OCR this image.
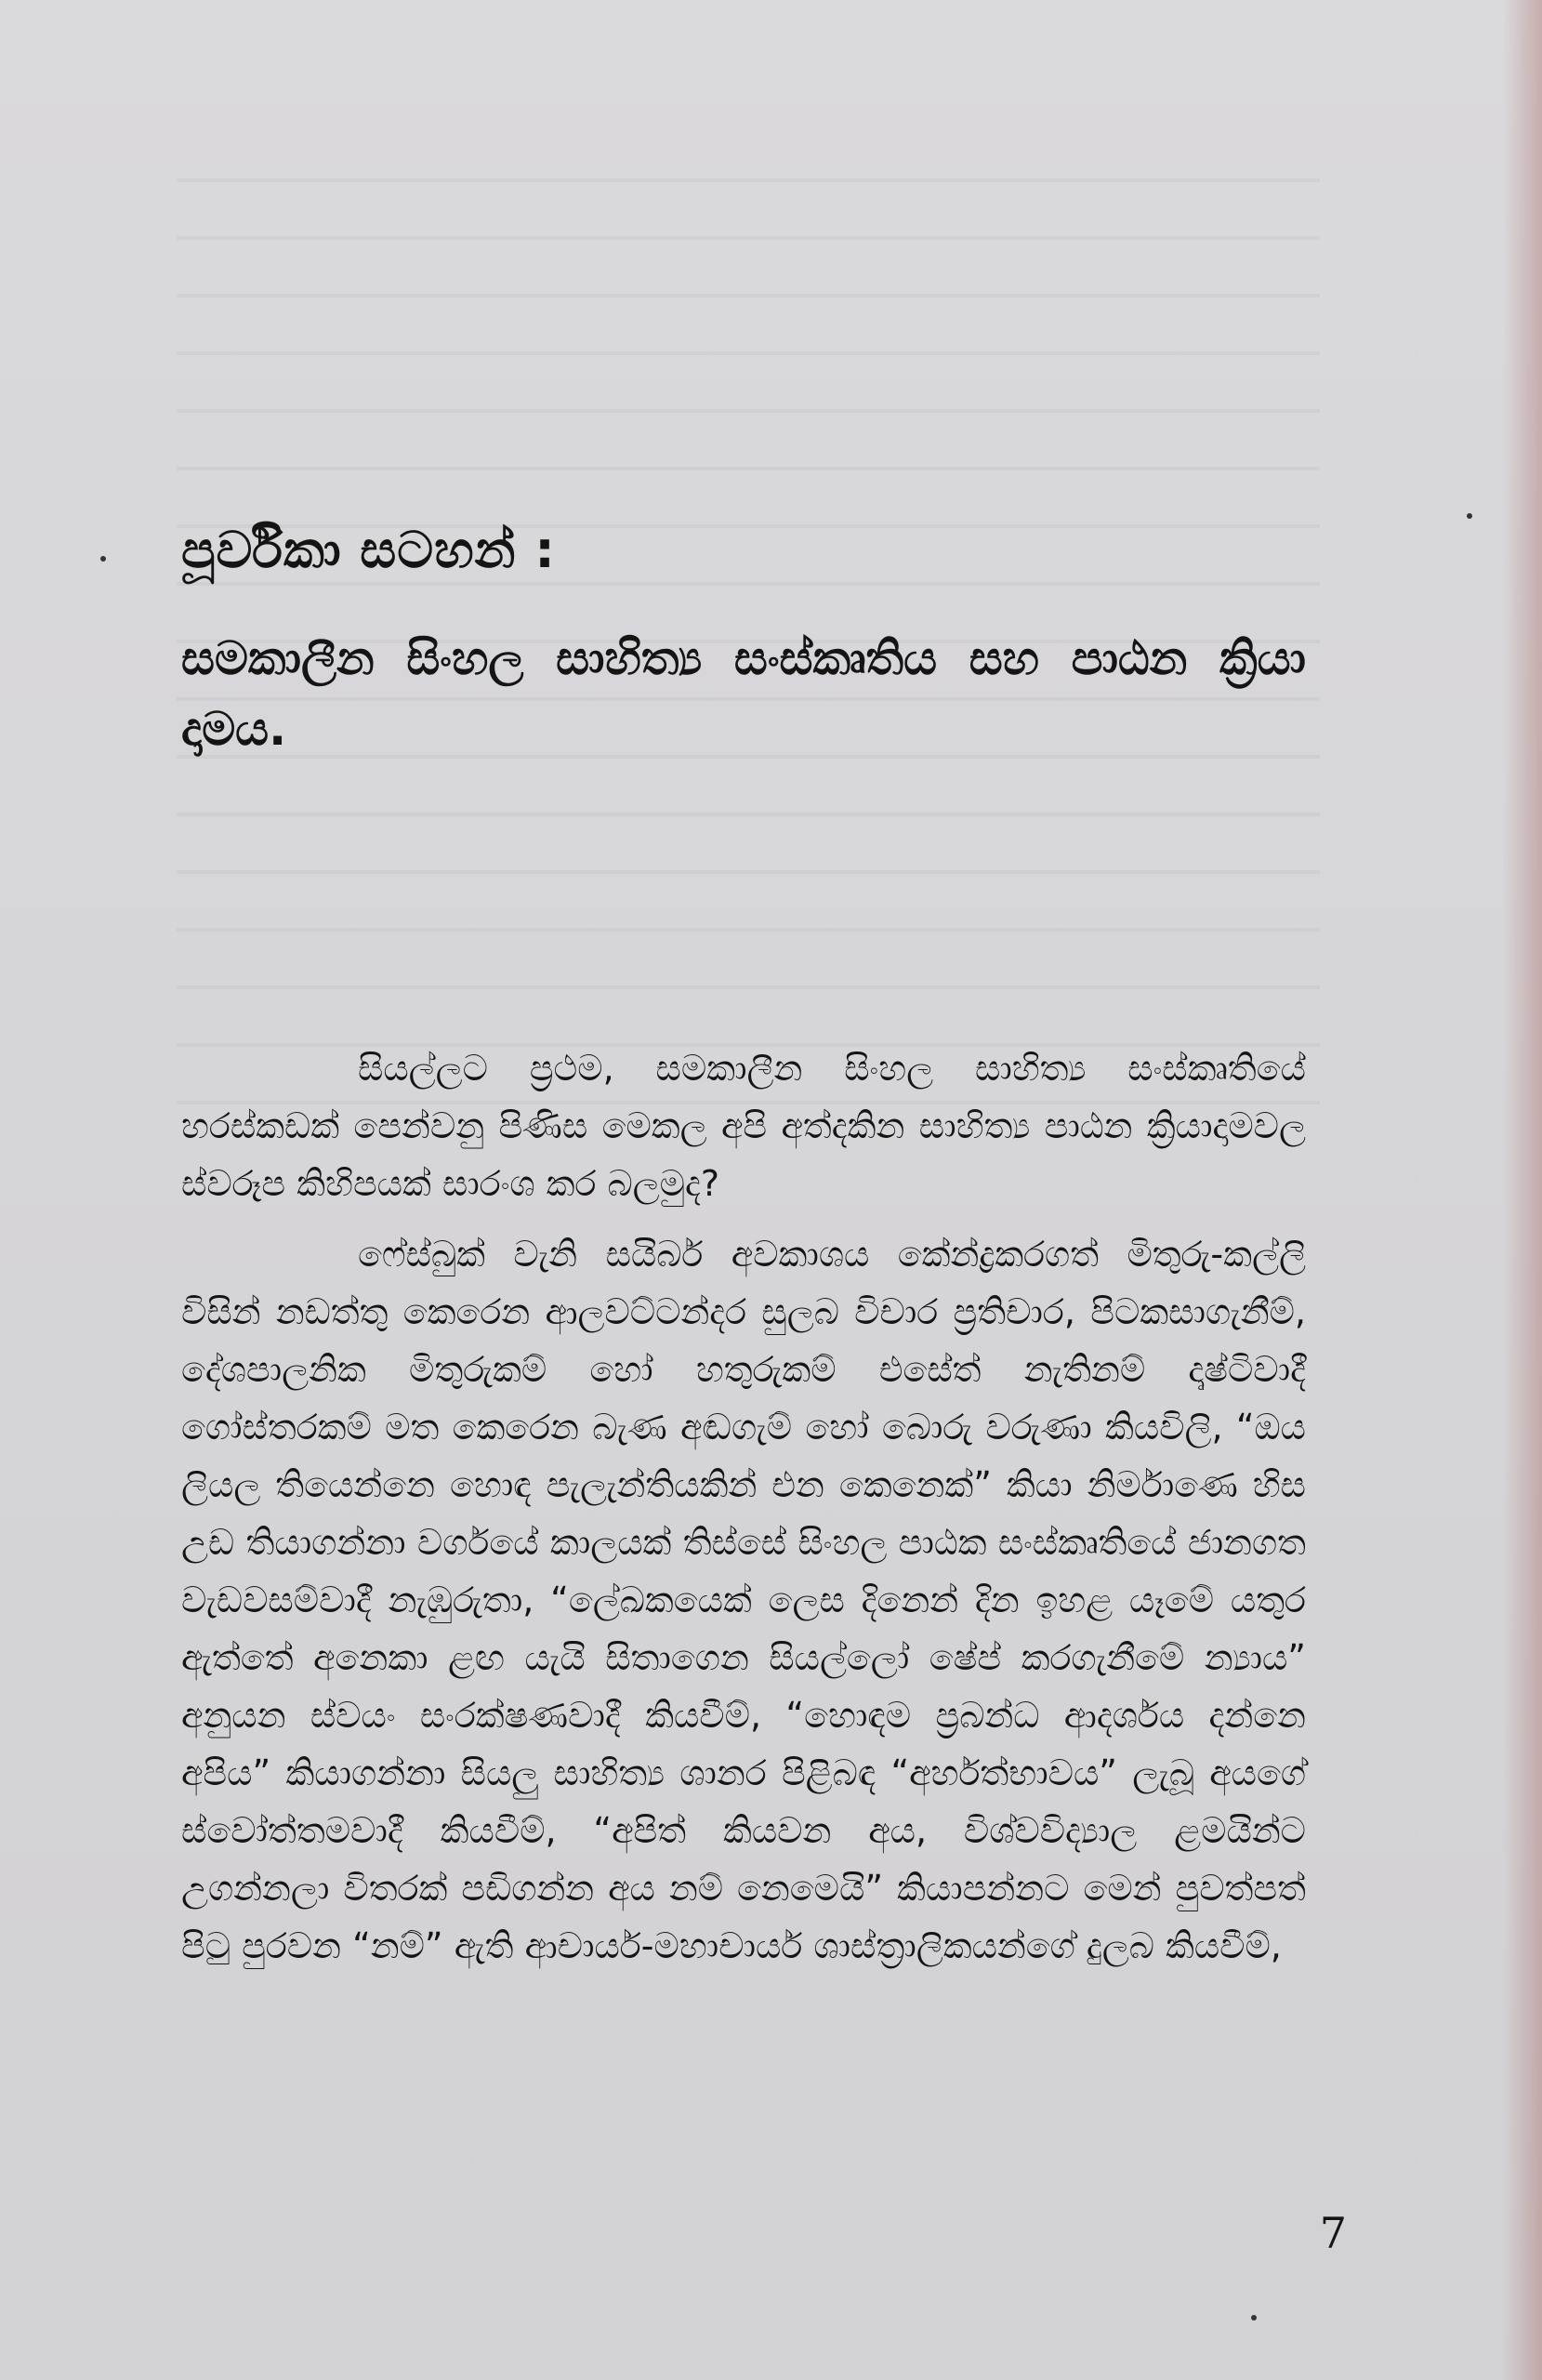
පූර්විකා සටහන් :
සමකාලීන සිංහල සාහිත්‍ය සංස්කෘතිය සහ පාඨන ක්‍රියා දාමය.

සියල්ලට ප්‍රථම, සමකාලීන සිංහල සාහිත්‍ය සංස්කෘතියේ හරස්කඩක් පෙන්වනු පිණිස මෙකල අපි අත්දකින සාහිත්‍ය පාඨන ක්‍රියාදාමවල ස්වරූප කිහිපයක් සාරංශ කර බලමුද?

ෆේස්බුක් වැනි සයිබර් අවකාශය කේන්ද්‍රකරගත් මිතුරු-කල්ලි විසින් නඩත්තු කෙරෙන ආලවට්ටන්දර සුලබ විචාර ප්‍රතිචාර, පිටකසාගැනීම්, දේශපාලනික මිතුරුකම් හෝ හතුරුකම් එසේත් නැතිනම් දෘෂ්ටිවාදී ගෝස්තරකම් මත කෙරෙන බැණ අඬගැම් හෝ බොරු වරුණා කියවිලි, “ඔය ලියල තියෙන්නෙ හොඳ පැලැන්තියකින් එන කෙනෙක්” කියා නිර්මාණෙ හිස උඩ තියාගන්නා වර්ගයේ කාලයක් තිස්සේ සිංහල පාඨක සංස්කෘතියේ ජානගත වැඩවසම්වාදී නැඹුරුතා, “ලේඛකයෙක් ලෙස දිනෙන් දින ඉහළ යෑමේ යතුර ඇත්තේ අනෙකා ළඟ යැයි සිතාගෙන සියල්ලෝ ෂේප් කරගැනීමේ න්‍යාය” අනුයන ස්වයං සංරක්ෂණවාදී කියවීම්, “හොඳම ප්‍රබන්ධ ආදර්ශය දන්නෙ අපිය” කියාගන්නා සියලු සාහිත්‍ය ශානර පිළිබඳ “අර්හත්භාවය” ලැබූ අයගේ ස්වෝත්තමවාදී කියවීම්, “අපිත් කියවන අය, විශ්වවිද්‍යාල ළමයින්ට උගන්නලා විතරක් පඩිගන්න අය නම් නෙමෙයි” කියාපන්නට මෙන් පුවත්පත් පිටු පුරවන “නම්” ඇති ආචාර්ය-මහාචාර්ය ශාස්ත්‍රාලිකයන්ගේ දුලබ කියවීම්,

7
